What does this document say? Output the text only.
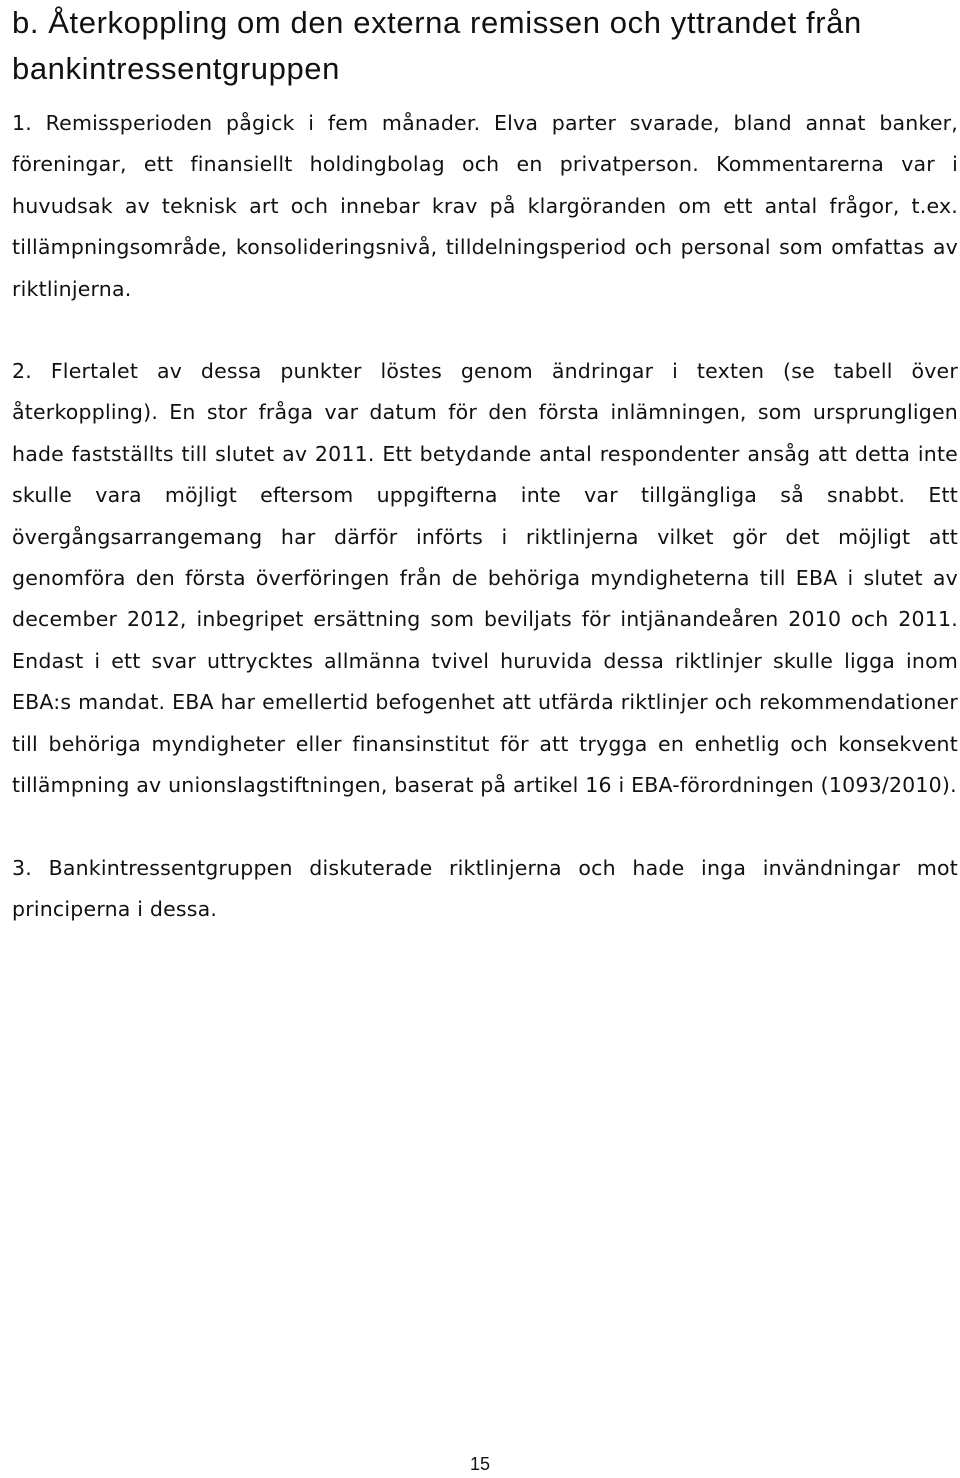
b. Återkoppling om den externa remissen och yttrandet från bankintressentgruppen

1. Remissperioden pågick i fem månader. Elva parter svarade, bland annat banker, föreningar, ett finansiellt holdingbolag och en privatperson. Kommentarerna var i huvudsak av teknisk art och innebar krav på klargöranden om ett antal frågor, t.ex. tillämpningsområde, konsolideringsnivå, tilldelningsperiod och personal som omfattas av riktlinjerna.

2. Flertalet av dessa punkter löstes genom ändringar i texten (se tabell över återkoppling). En stor fråga var datum för den första inlämningen, som ursprungligen hade fastställts till slutet av 2011. Ett betydande antal respondenter ansåg att detta inte skulle vara möjligt eftersom uppgifterna inte var tillgängliga så snabbt. Ett övergångsarrangemang har därför införts i riktlinjerna vilket gör det möjligt att genomföra den första överföringen från de behöriga myndigheterna till EBA i slutet av december 2012, inbegripet ersättning som beviljats för intjänandeåren 2010 och 2011. Endast i ett svar uttrycktes allmänna tvivel huruvida dessa riktlinjer skulle ligga inom EBA:s mandat. EBA har emellertid befogenhet att utfärda riktlinjer och rekommendationer till behöriga myndigheter eller finansinstitut för att trygga en enhetlig och konsekvent tillämpning av unionslagstiftningen, baserat på artikel 16 i EBA-förordningen (1093/2010).

3. Bankintressentgruppen diskuterade riktlinjerna och hade inga invändningar mot principerna i dessa.

15
